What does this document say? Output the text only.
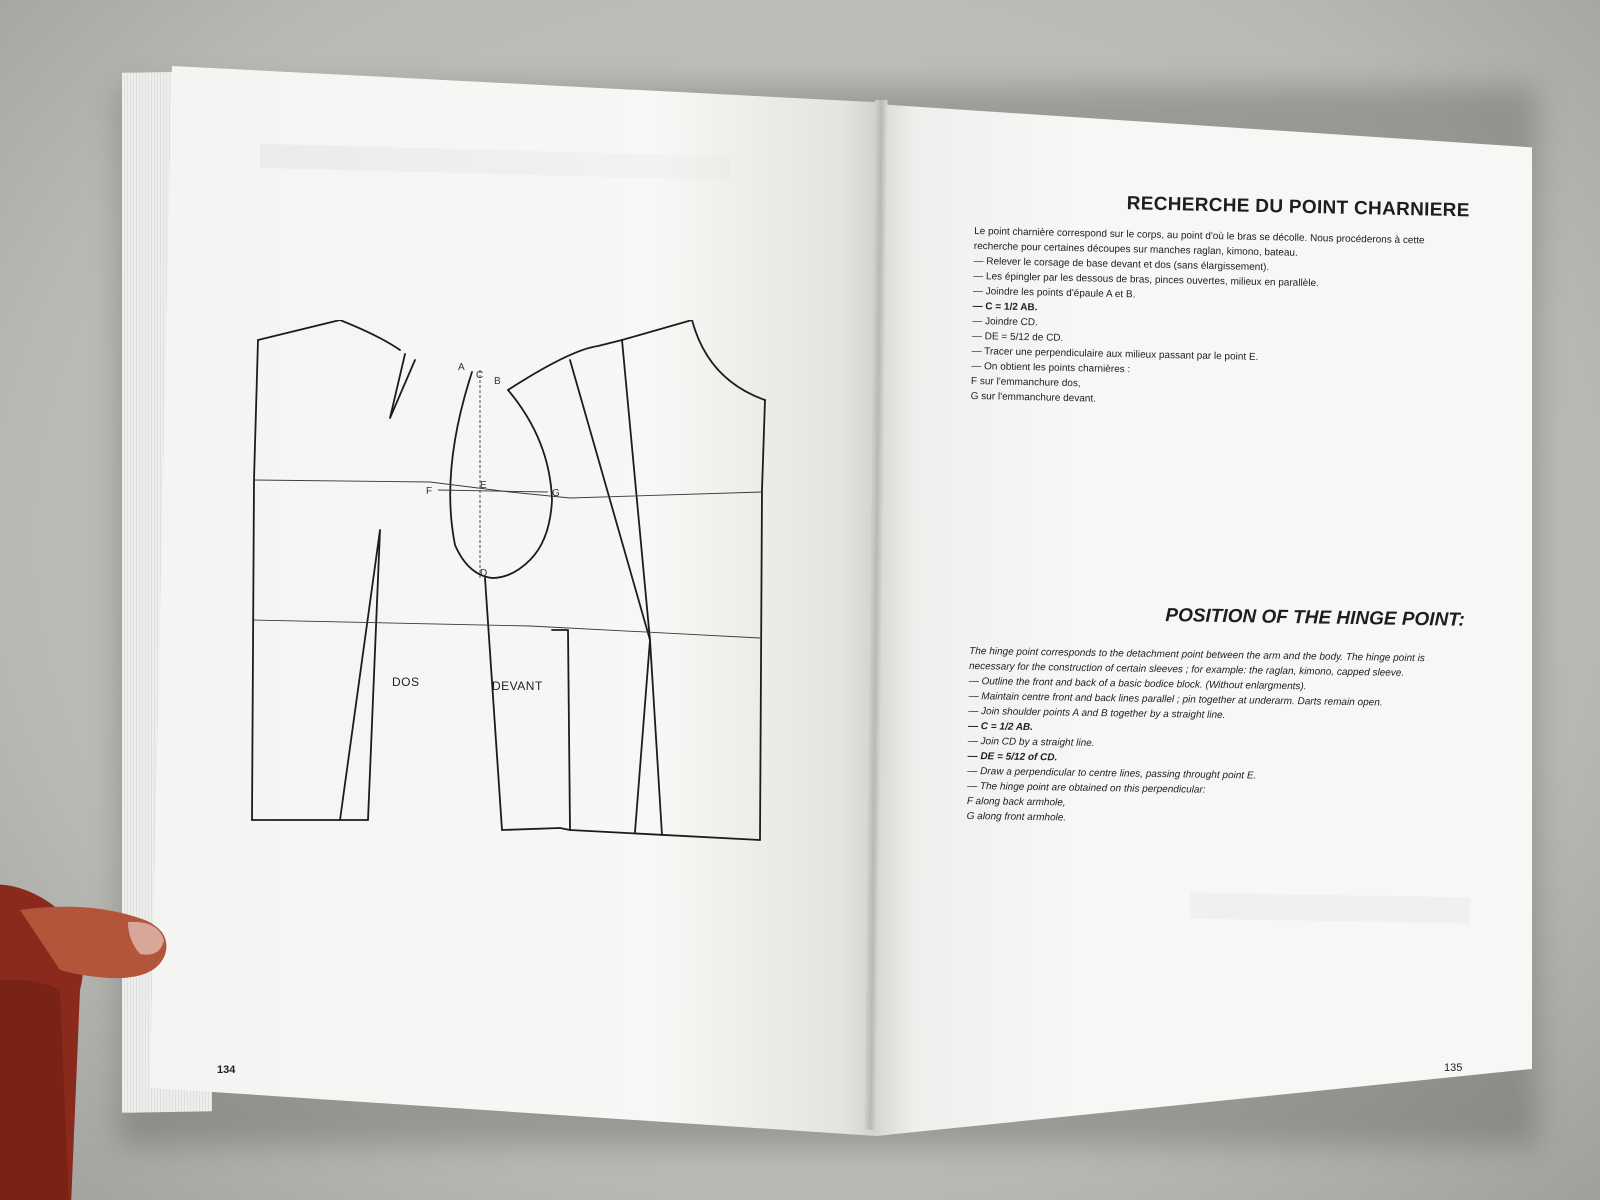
A
C
B
F
E
G
D
DOS	DEVANT
134
RECHERCHE DU POINT CHARNIERE
Le point charnière correspond sur le corps, au point d'où le bras se décolle. Nous procéderons à cette recherche pour certaines découpes sur manches raglan, kimono, bateau.
— Relever le corsage de base devant et dos (sans élargissement).
— Les épingler par les dessous de bras, pinces ouvertes, milieux en parallèle.
— Joindre les points d'épaule A et B.
— C = 1/2 AB.
— Joindre CD.
— DE = 5/12 de CD.
— Tracer une perpendiculaire aux milieux passant par le point E.
— On obtient les points charnières :
F sur l'emmanchure dos,
G sur l'emmanchure devant.
POSITION OF THE HINGE POINT:
The hinge point corresponds to the detachment point between the arm and the body. The hinge point is necessary for the construction of certain sleeves ; for example: the raglan, kimono, capped sleeve.
— Outline the front and back of a basic bodice block. (Without enlargments).
— Maintain centre front and back lines parallel ; pin together at underarm. Darts remain open.
— Join shoulder points A and B together by a straight line.
— C = 1/2 AB.
— Join CD by a straight line.
— DE = 5/12 of CD.
— Draw a perpendicular to centre lines, passing throught point E.
— The hinge point are obtained on this perpendicular:
F along back armhole,
G along front armhole.
135
